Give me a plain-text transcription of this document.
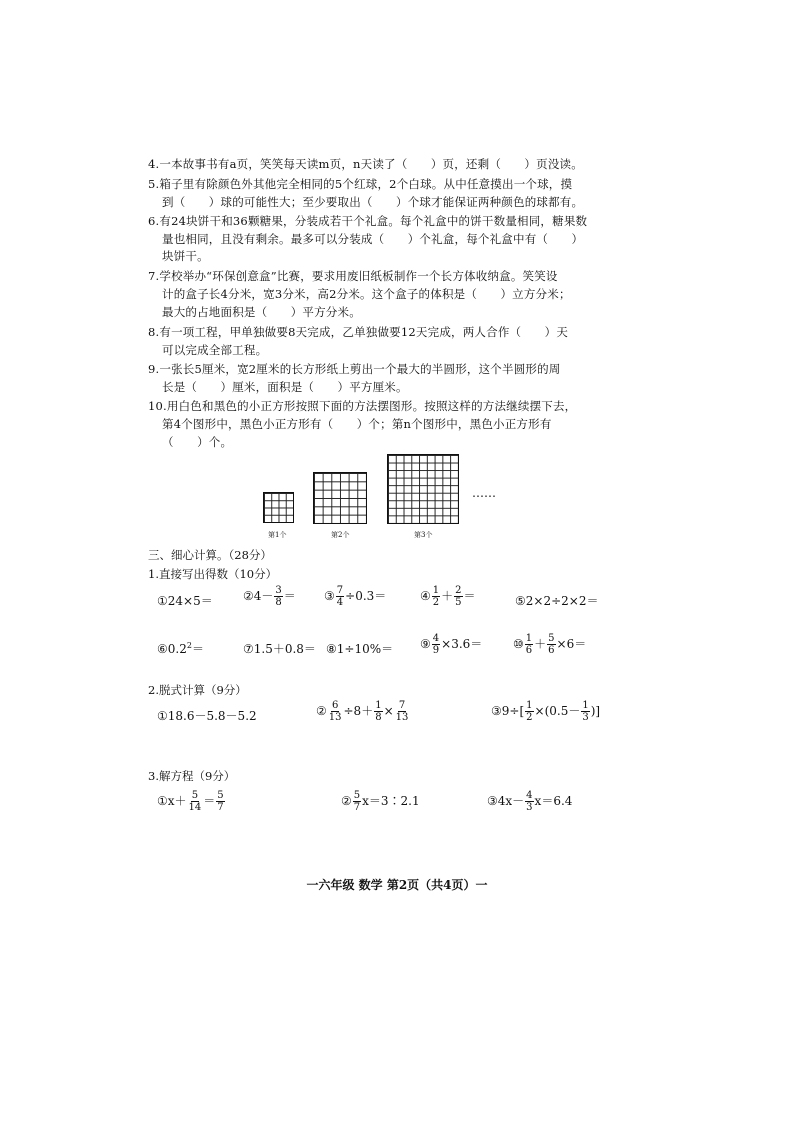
4.一本故事书有a页，笑笑每天读m页，n天读了（　　）页，还剩（　　）页没读。
5.箱子里有除颜色外其他完全相同的5个红球，2个白球。从中任意摸出一个球，摸
到（　　）球的可能性大；至少要取出（　　）个球才能保证两种颜色的球都有。
6.有24块饼干和36颗糖果，分装成若干个礼盒。每个礼盒中的饼干数量相同，糖果数
量也相同，且没有剩余。最多可以分装成（　　）个礼盒，每个礼盒中有（　　）
块饼干。
7.学校举办“环保创意盒”比赛，要求用废旧纸板制作一个长方体收纳盒。笑笑设
计的盒子长4分米，宽3分米，高2分米。这个盒子的体积是（　　）立方分米；
最大的占地面积是（　　）平方分米。
8.有一项工程，甲单独做要8天完成，乙单独做要12天完成，两人合作（　　）天
可以完成全部工程。
9.一张长5厘米，宽2厘米的长方形纸上剪出一个最大的半圆形，这个半圆形的周
长是（　　）厘米，面积是（　　）平方厘米。
10.用白色和黑色的小正方形按照下面的方法摆图形。按照这样的方法继续摆下去，
第4个图形中，黑色小正方形有（　　）个；第n个图形中，黑色小正方形有
（　　）个。
第1个	第2个	第3个
……
三、细心计算。（28分）
1.直接写出得数（10分）
①24×5＝	②4－ $\frac{3}{8}$ ＝ ③ $\frac{7}{4} \div 0.3=$	④ $\frac{1}{2} + \frac{2}{5}$ ＝	⑤2×2÷2×2＝
$⑥0.2^2=$	⑦1.5＋0.8＝ ⑧1÷10%＝ ⑨ $\frac{4}{9} \times 3.6=$	⑩ $\frac{1}{6} + \frac{5}{6} \times 6=$
2.脱式计算（9分）
①18.6－5.8－5.2	② $\frac{6}{13} \div 8+ \frac{1}{8} \times \frac{7}{13}$	③9÷[ $\frac{1}{2} \times(0.5- \frac{1}{3}$ )]
3.解方程（9分）
①x＋ $\frac{5}{14} = \frac{5}{7}$	② $\frac{5}{7}$ x＝3∶2.1	③4x－ $\frac{4}{3} x=6.4$
一六年级 数学 第2页（共4页）一
